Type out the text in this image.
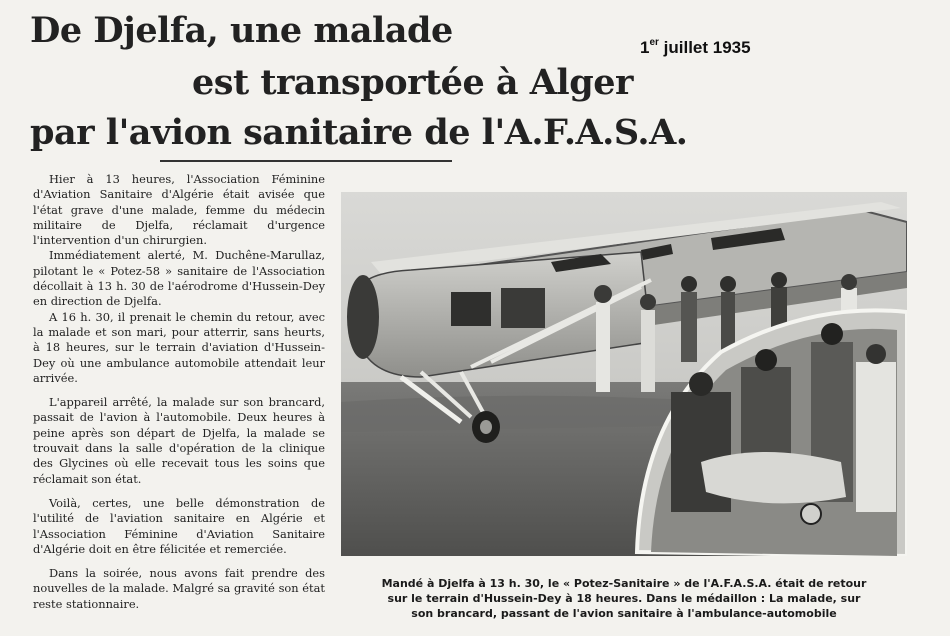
De Djelfa, une malade
est transportée à Alger
par l'avion sanitaire de l'A.F.A.S.A.
1er juillet 1935

Hier à 13 heures, l'Association Féminine d'Aviation Sanitaire d'Algérie était avisée que l'état grave d'une malade, femme du médecin militaire de Djelfa, réclamait d'urgence l'intervention d'un chirurgien.

Immédiatement alerté, M. Duchêne-Marullaz, pilotant le « Potez-58 » sanitaire de l'Association décollait à 13 h. 30 de l'aérodrome d'Hussein-Dey en direction de Djelfa.

A 16 h. 30, il prenait le chemin du retour, avec la malade et son mari, pour atterrir, sans heurts, à 18 heures, sur le terrain d'aviation d'Hussein-Dey où une ambulance automobile attendait leur arrivée.

L'appareil arrêté, la malade sur son brancard, passait de l'avion à l'automobile. Deux heures à peine après son départ de Djelfa, la malade se trouvait dans la salle d'opération de la clinique des Glycines où elle recevait tous les soins que réclamait son état.

Voilà, certes, une belle démonstration de l'utilité de l'aviation sanitaire en Algérie et l'Association Féminine d'Aviation Sanitaire d'Algérie doit en être félicitée et remerciée.

Dans la soirée, nous avons fait prendre des nouvelles de la malade. Malgré sa gravité son état reste stationnaire.

Mandé à Djelfa à 13 h. 30, le « Potez-Sanitaire » de l'A.F.A.S.A. était de retour
sur le terrain d'Hussein-Dey à 18 heures. Dans le médaillon : La malade, sur
son brancard, passant de l'avion sanitaire à l'ambulance-automobile
